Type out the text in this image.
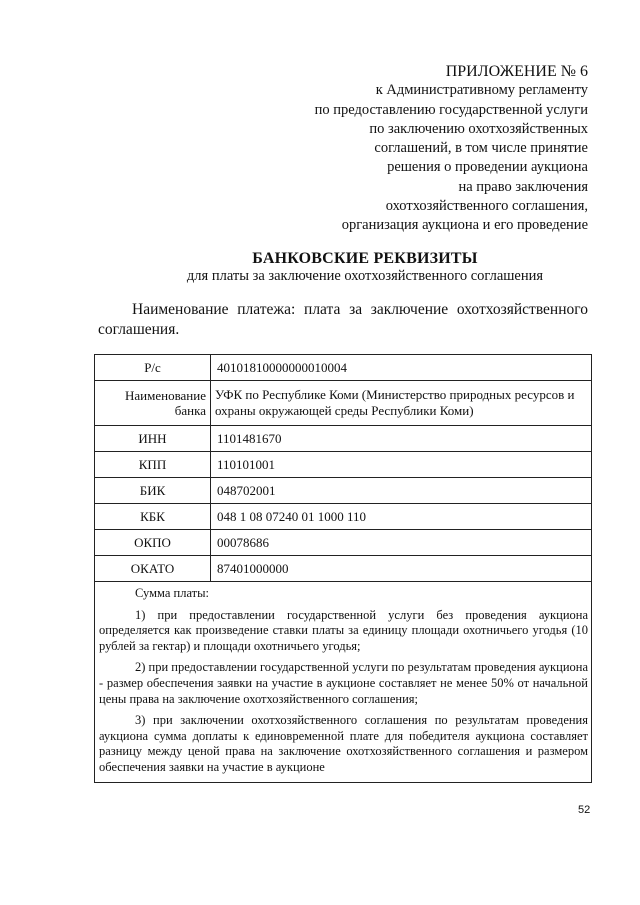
ПРИЛОЖЕНИЕ № 6
к Административному регламенту
по предоставлению государственной услуги
по заключению охотхозяйственных
соглашений, в том числе принятие
решения о проведении аукциона
на право заключения
охотхозяйственного соглашения,
организация аукциона и его проведение
БАНКОВСКИЕ РЕКВИЗИТЫ
для платы за заключение охотхозяйственного соглашения
Наименование платежа: плата за заключение охотхозяйственного соглашения.
Р/с	40101810000000010004
Наименование банка	УФК по Республике Коми (Министерство природных ресурсов и охраны окружающей среды Республики Коми)
ИНН	1101481670
КПП	110101001
БИК	048702001
КБК	048 1 08 07240 01 1000 110
ОКПО	00078686
ОКАТО	87401000000

Сумма платы:

1) при предоставлении государственной услуги без проведения аукциона определяется как произведение ставки платы за единицу площади охотничьего угодья (10 рублей за гектар) и площади охотничьего угодья;

2) при предоставлении государственной услуги по результатам проведения аукциона - размер обеспечения заявки на участие в аукционе составляет не менее 50% от начальной цены права на заключение охотхозяйственного соглашения;

3) при заключении охотхозяйственного соглашения по результатам проведения аукциона сумма доплаты к единовременной плате для победителя аукциона составляет разницу между ценой права на заключение охотхозяйственного соглашения и размером обеспечения заявки на участие в аукционе	

52
